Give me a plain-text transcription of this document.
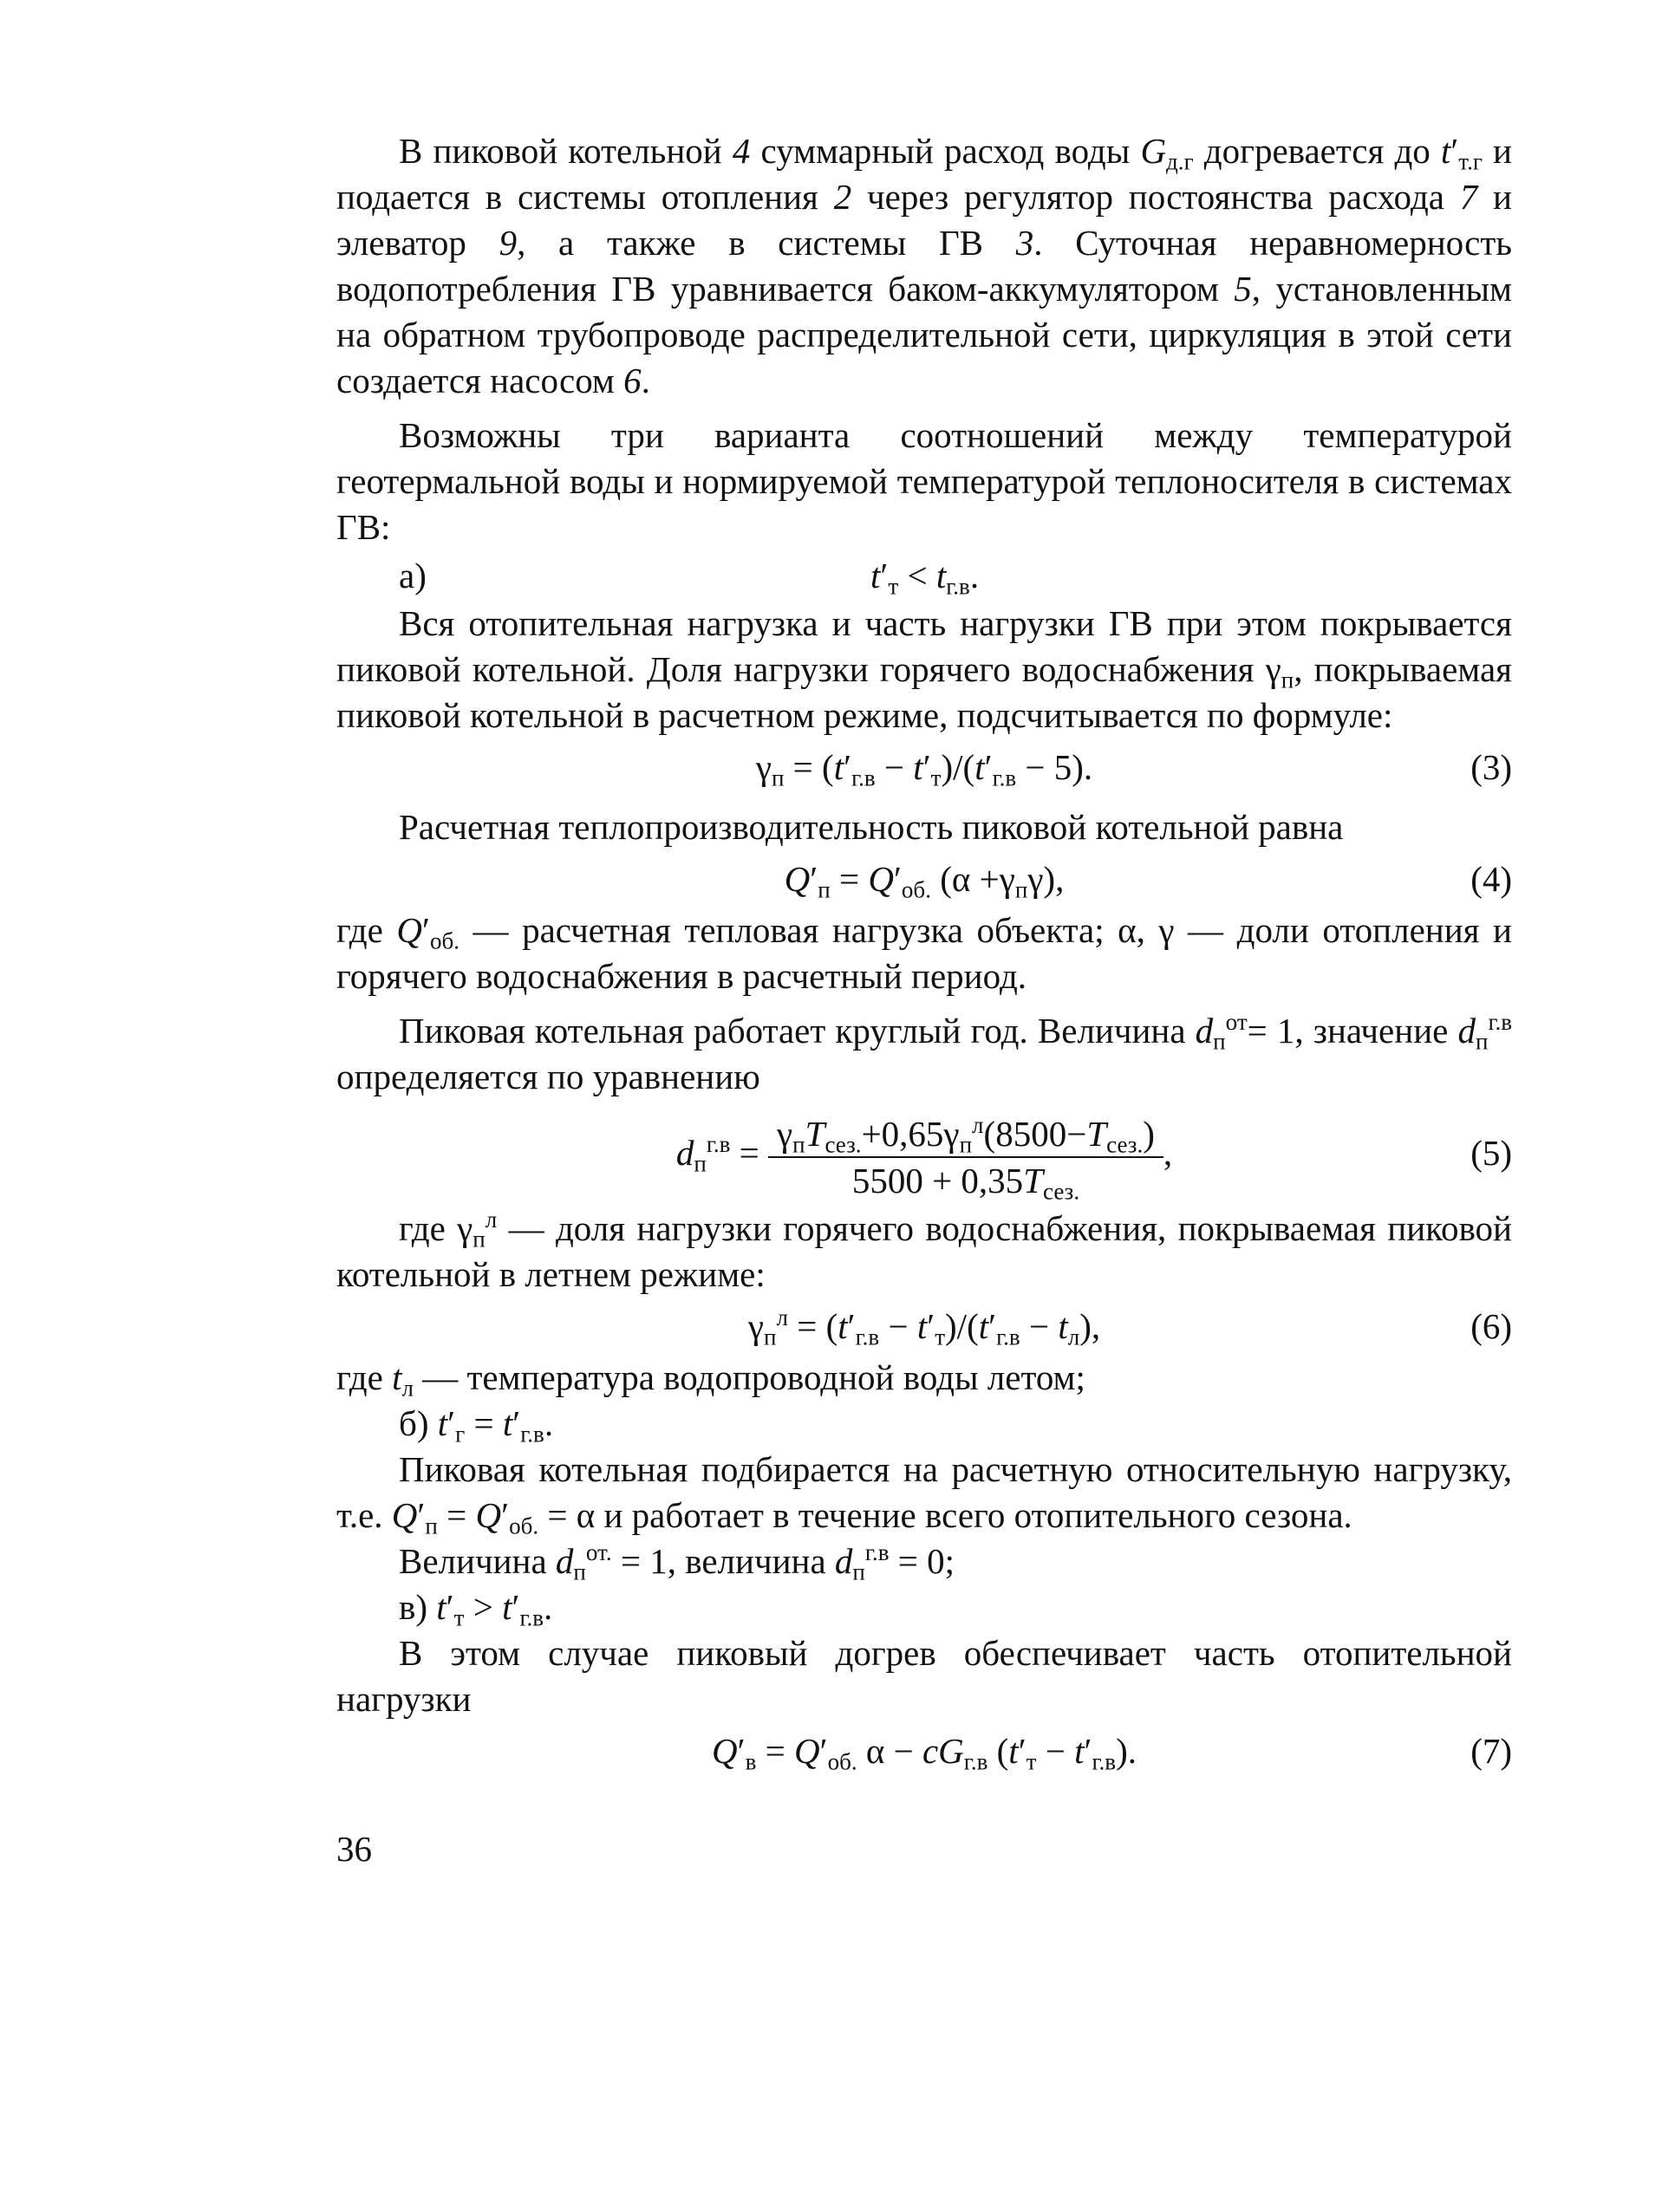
В пиковой котельной 4 суммарный расход воды $G_{д.г}$ догревается до $t'_{т.г}$ и подается в системы отопления 2 через регулятор постоянства расхода 7 и элеватор 9, а также в системы ГВ 3. Суточная неравномерность водопотребления ГВ уравнивается баком-аккумулятором 5, установленным на обратном трубопроводе распределительной сети, циркуляция в этой сети создается насосом 6.

Возможны три варианта соотношений между температурой геотермальной воды и нормируемой температурой теплоносителя в системах ГВ:

а)	$t'_т < t_{г.в}$.

Вся отопительная нагрузка и часть нагрузки ГВ при этом покрывается пиковой котельной. Доля нагрузки горячего водоснабжения $\gamma_п$, покрываемая пиковой котельной в расчетном режиме, подсчитывается по формуле:

$\gamma_п = (t'_{г.в} - t'_т)/(t'_{г.в} - 5)$.	(3)

Расчетная теплопроизводительность пиковой котельной равна

$Q'_п = Q'_{об.}$ $(\alpha +\gamma_п\gamma)$,	(4)

где $Q'_{об.}$ — расчетная тепловая нагрузка объекта; α, γ — доли отопления и горячего водоснабжения в расчетный период.

Пиковая котельная работает круглый год. Величина $d_п^{от}= 1$, значение $d_п^{г.в}$ определяется по уравнению

$d_п^{г.в} = \frac{\gamma_пT_{сез.}+0,65\gamma_п^л(8500-T_{сез.})}{5500 + 0,35T_{сез.}}$ ,	(5)

где $\gamma_п^л$ — доля нагрузки горячего водоснабжения, покрываемая пиковой котельной в летнем режиме:

$\gamma_п^л = (t'_{г.в} - t'_т)/(t'_{г.в} - t_л)$,	(6)

где $t_л$ — температура водопроводной воды летом;

б) $t'_г = t'_{г.в}$.

Пиковая котельная подбирается на расчетную относительную нагрузку, т.е. $Q'_п = Q'_{об.} = \alpha$ и работает в течение всего отопительного сезона.

Величина $d_п^{от.} = 1$, величина $d_п^{г.в} = 0$;

в) $t'_т > t'_{г.в}$.

В этом случае пиковый догрев обеспечивает часть отопительной нагрузки

$Q'_в = Q'_{об.}$ $\alpha - cG_{г.в}$ $(t'_т - t'_{г.в})$.	(7)
36
